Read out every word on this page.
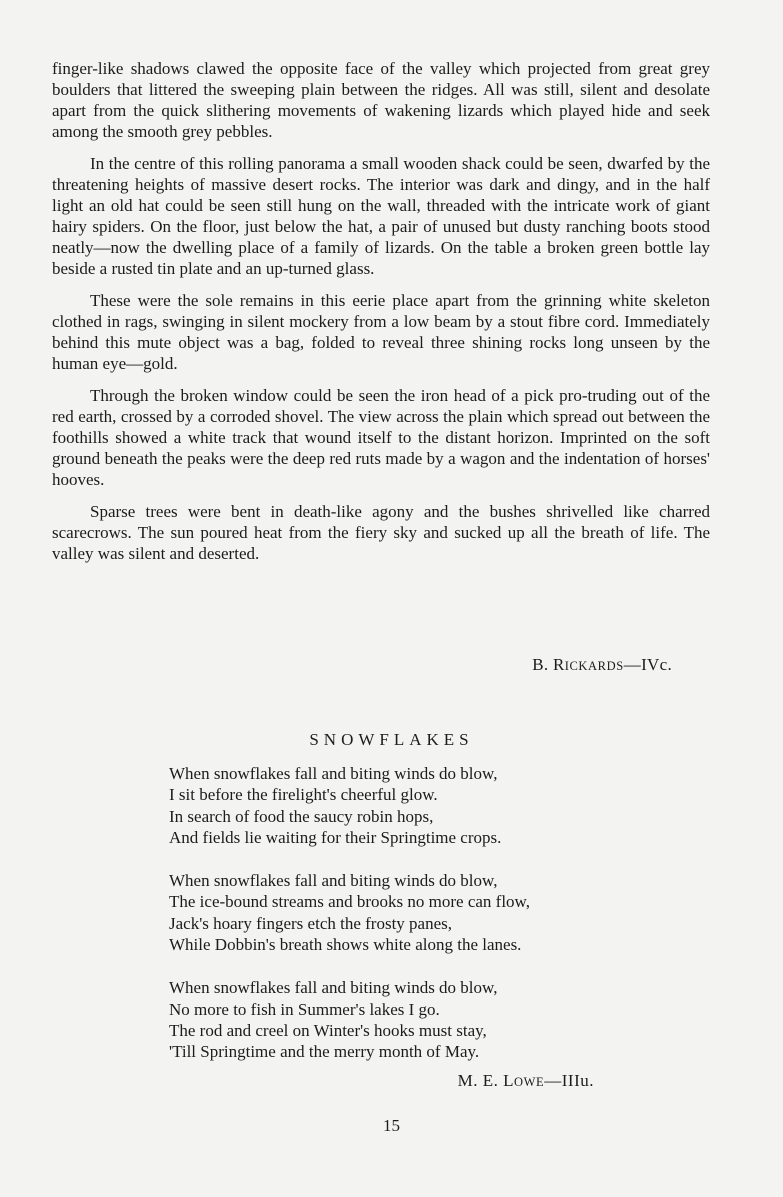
finger-like shadows clawed the opposite face of the valley which projected from great grey boulders that littered the sweeping plain between the ridges. All was still, silent and desolate apart from the quick slithering movements of wakening lizards which played hide and seek among the smooth grey pebbles.

In the centre of this rolling panorama a small wooden shack could be seen, dwarfed by the threatening heights of massive desert rocks. The interior was dark and dingy, and in the half light an old hat could be seen still hung on the wall, threaded with the intricate work of giant hairy spiders. On the floor, just below the hat, a pair of unused but dusty ranching boots stood neatly—now the dwelling place of a family of lizards. On the table a broken green bottle lay beside a rusted tin plate and an up-turned glass.

These were the sole remains in this eerie place apart from the grinning white skeleton clothed in rags, swinging in silent mockery from a low beam by a stout fibre cord. Immediately behind this mute object was a bag, folded to reveal three shining rocks long unseen by the human eye—gold.

Through the broken window could be seen the iron head of a pick pro-truding out of the red earth, crossed by a corroded shovel. The view across the plain which spread out between the foothills showed a white track that wound itself to the distant horizon. Imprinted on the soft ground beneath the peaks were the deep red ruts made by a wagon and the indentation of horses' hooves.

Sparse trees were bent in death-like agony and the bushes shrivelled like charred scarecrows. The sun poured heat from the fiery sky and sucked up all the breath of life. The valley was silent and deserted.

B. RICKARDS—IVc.
SNOWFLAKES
When snowflakes fall and biting winds do blow,
I sit before the firelight's cheerful glow.
In search of food the saucy robin hops,
And fields lie waiting for their Springtime crops.
When snowflakes fall and biting winds do blow,
The ice-bound streams and brooks no more can flow,
Jack's hoary fingers etch the frosty panes,
While Dobbin's breath shows white along the lanes.
When snowflakes fall and biting winds do blow,
No more to fish in Summer's lakes I go.
The rod and creel on Winter's hooks must stay,
'Till Springtime and the merry month of May.
M. E. LOWE—IIIu.
15
